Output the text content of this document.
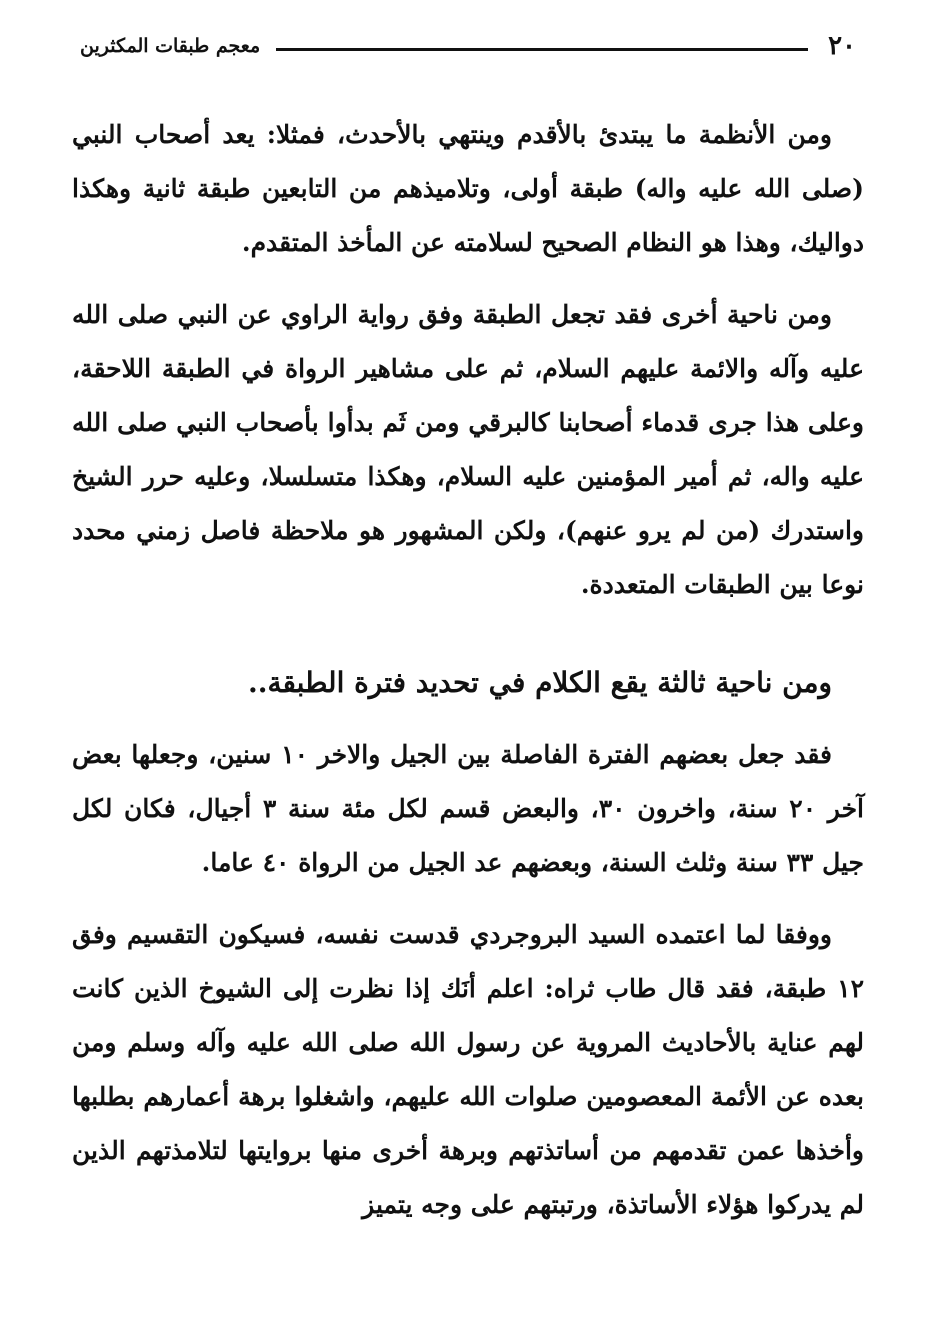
٢٠
معجم طبقات المكثرين

ومن الأنظمة ما يبتدئ بالأقدم وينتهي بالأحدث، فمثلا: يعد أصحاب النبي (صلى الله عليه واله) طبقة أولى، وتلاميذهم من التابعين طبقة ثانية وهكذا دواليك، وهذا هو النظام الصحيح لسلامته عن المأخذ المتقدم.

ومن ناحية أخرى فقد تجعل الطبقة وفق رواية الراوي عن النبي صلى الله عليه وآله والائمة عليهم السلام، ثم على مشاهير الرواة في الطبقة اللاحقة، وعلى هذا جرى قدماء أصحابنا كالبرقي ومن ثَم بدأوا بأصحاب النبي صلى الله عليه واله، ثم أمير المؤمنين عليه السلام، وهكذا متسلسلا، وعليه حرر الشيخ واستدرك (من لم يرو عنهم)، ولكن المشهور هو ملاحظة فاصل زمني محدد نوعا بين الطبقات المتعددة.

ومن ناحية ثالثة يقع الكلام في تحديد فترة الطبقة..

فقد جعل بعضهم الفترة الفاصلة بين الجيل والاخر ١٠ سنين، وجعلها بعض آخر ٢٠ سنة، واخرون ٣٠، والبعض قسم لكل مئة سنة ٣ أجيال، فكان لكل جيل ٣٣ سنة وثلث السنة، وبعضهم عد الجيل من الرواة ٤٠ عاما.

ووفقا لما اعتمده السيد البروجردي قدست نفسه، فسيكون التقسيم وفق ١٢ طبقة، فقد قال طاب ثراه: اعلم أنَك إذا نظرت إلى الشيوخ الذين كانت لهم عناية بالأحاديث المروية عن رسول الله صلى الله عليه وآله وسلم ومن بعده عن الأئمة المعصومين صلوات الله عليهم، واشغلوا برهة أعمارهم بطلبها وأخذها عمن تقدمهم من أساتذتهم وبرهة أخرى منها بروايتها لتلامذتهم الذين لم يدركوا هؤلاء الأساتذة، ورتبتهم على وجه يتميز
